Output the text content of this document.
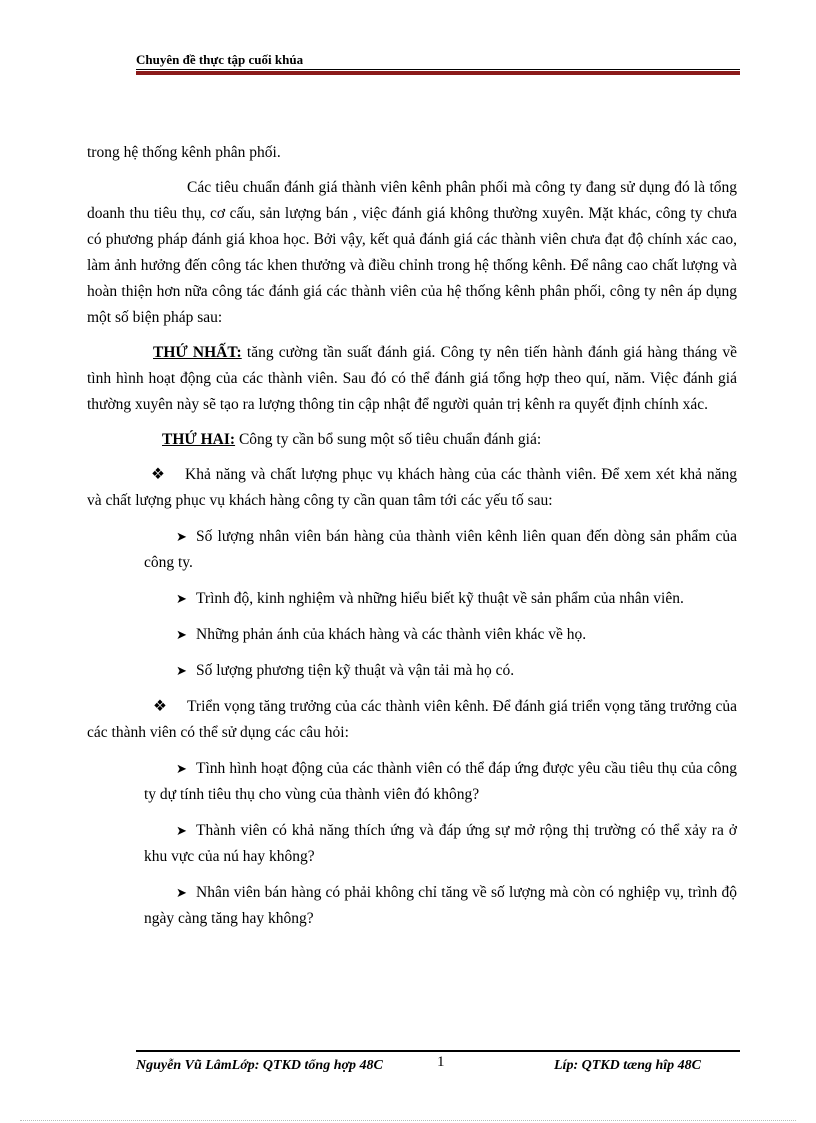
Chuyên đề thực tập cuối khúa

trong hệ thống kênh phân phối.

Các tiêu chuẩn đánh giá thành viên kênh phân phối mà công ty đang sử dụng đó là tổng doanh thu tiêu thụ, cơ cấu, sản lượng bán , việc đánh giá không thường xuyên. Mặt khác, công ty chưa có phương pháp đánh giá khoa học. Bởi vậy, kết quả đánh giá các thành viên chưa đạt độ chính xác cao, làm ảnh hưởng đến công tác khen thưởng và điều chỉnh trong hệ thống kênh. Để nâng cao chất lượng và hoàn thiện hơn nữa công tác đánh giá các thành viên của hệ thống kênh phân phối, công ty nên áp dụng một số biện pháp sau:

THỨ NHẤT: tăng cường tần suất đánh giá. Công ty nên tiến hành đánh giá hàng tháng về tình hình hoạt động của các thành viên. Sau đó có thể đánh giá tổng hợp theo quí, năm. Việc đánh giá thường xuyên này sẽ tạo ra lượng thông tin cập nhật để người quản trị kênh ra quyết định chính xác.

THỨ HAI: Công ty cần bổ sung một số tiêu chuẩn đánh giá:

❖ Khả năng và chất lượng phục vụ khách hàng của các thành viên. Để xem xét khả năng và chất lượng phục vụ khách hàng công ty cần quan tâm tới các yếu tố sau:

➤ Số lượng nhân viên bán hàng của thành viên kênh liên quan đến dòng sản phẩm của công ty.

➤ Trình độ, kinh nghiệm và những hiểu biết kỹ thuật về sản phẩm của nhân viên.

➤ Những phản ánh của khách hàng và các thành viên khác về họ.

➤ Số lượng phương tiện kỹ thuật và vận tải mà họ có.

❖ Triển vọng tăng trưởng của các thành viên kênh. Để đánh giá triển vọng tăng trưởng của các thành viên có thể sử dụng các câu hỏi:

➤ Tình hình hoạt động của các thành viên có thể đáp ứng được yêu cầu tiêu thụ của công ty dự tính tiêu thụ cho vùng của thành viên đó không?

➤ Thành viên có khả năng thích ứng và đáp ứng sự mở rộng thị trường có thể xảy ra ở khu vực của nú hay không?

➤ Nhân viên bán hàng có phải không chỉ tăng về số lượng mà còn có nghiệp vụ, trình độ ngày càng tăng hay không?

Nguyễn Vũ LâmLớp: QTKD tổng hợp 48C	1	Líp: QTKD tæng hîp 48C
